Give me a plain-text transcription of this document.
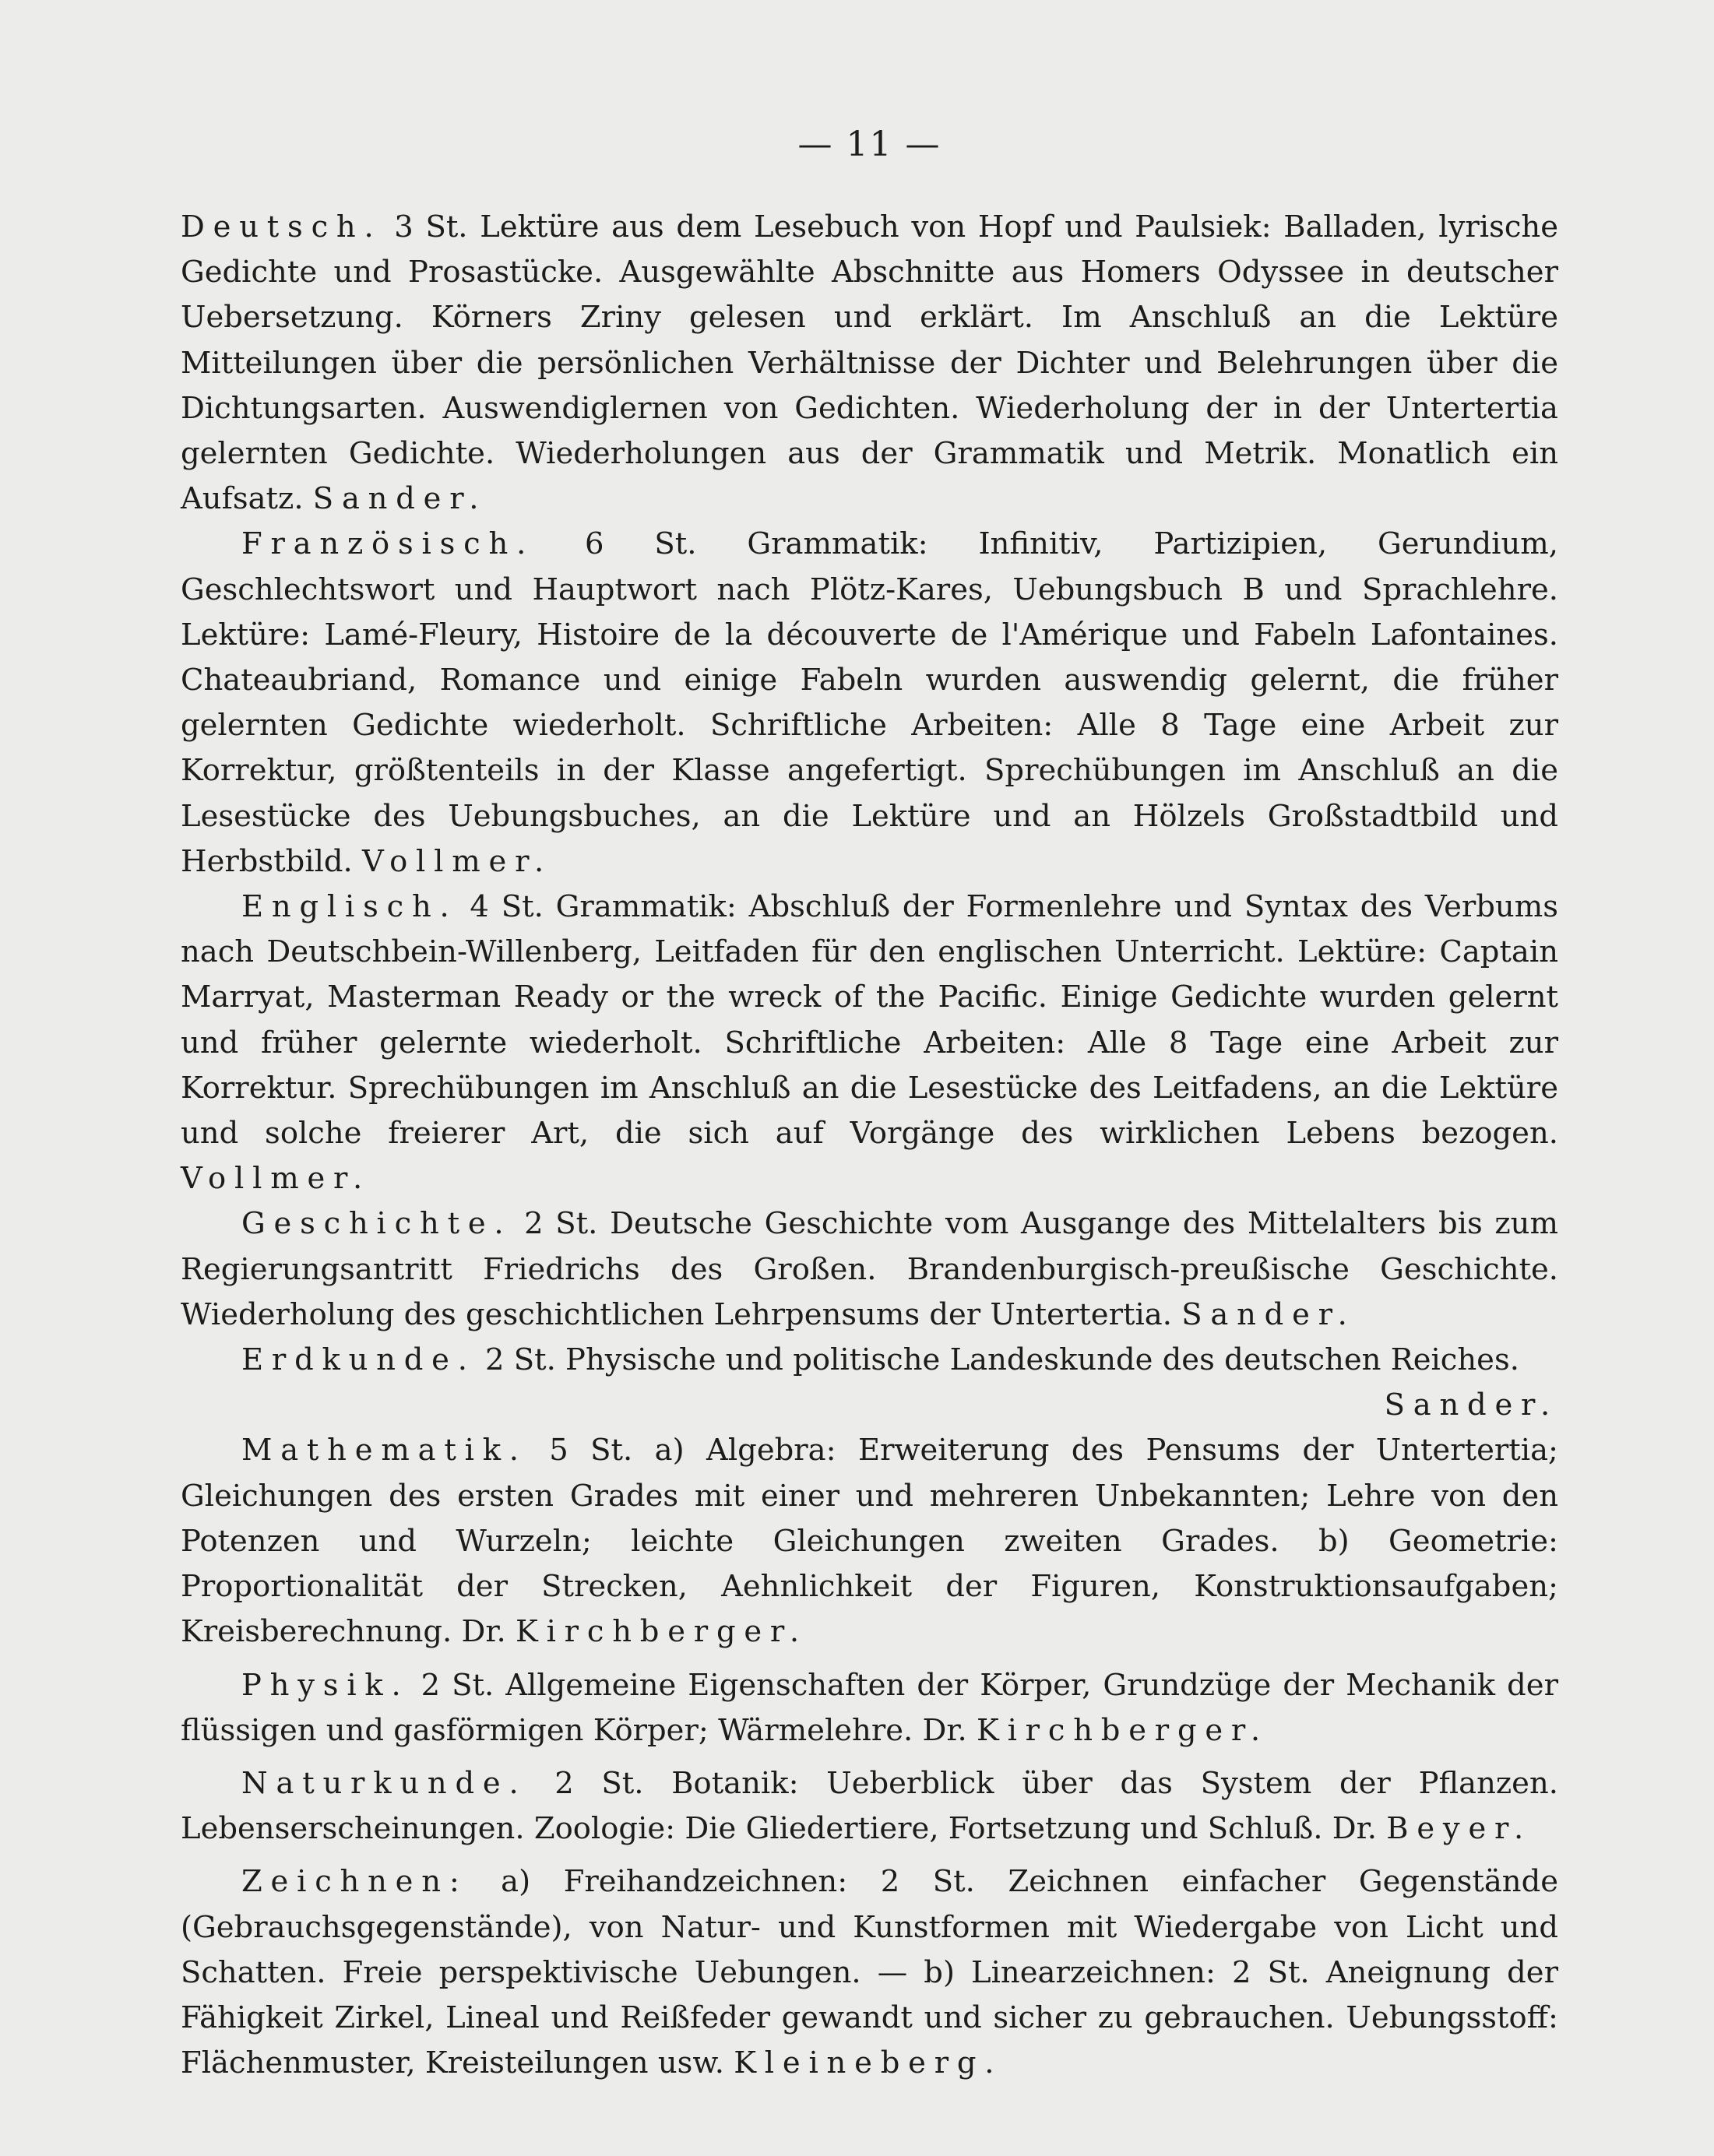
— 11 —

Deutsch. 3 St. Lektüre aus dem Lesebuch von Hopf und Paulsiek: Balladen, lyrische Gedichte und Prosastücke. Ausgewählte Abschnitte aus Homers Odyssee in deutscher Uebersetzung. Körners Zriny gelesen und erklärt. Im Anschluß an die Lektüre Mitteilungen über die persönlichen Verhältnisse der Dichter und Belehrungen über die Dichtungsarten. Auswendiglernen von Gedichten. Wiederholung der in der Untertertia gelernten Gedichte. Wiederholungen aus der Grammatik und Metrik. Monatlich ein Aufsatz. Sander.

Französisch. 6 St. Grammatik: Infinitiv, Partizipien, Gerundium, Geschlechtswort und Hauptwort nach Plötz-Kares, Uebungsbuch B und Sprachlehre. Lektüre: Lamé-Fleury, Histoire de la découverte de l'Amérique und Fabeln Lafontaines. Chateaubriand, Romance und einige Fabeln wurden auswendig gelernt, die früher gelernten Gedichte wiederholt. Schriftliche Arbeiten: Alle 8 Tage eine Arbeit zur Korrektur, größtenteils in der Klasse angefertigt. Sprechübungen im Anschluß an die Lesestücke des Uebungsbuches, an die Lektüre und an Hölzels Großstadtbild und Herbstbild. Vollmer.

Englisch. 4 St. Grammatik: Abschluß der Formenlehre und Syntax des Verbums nach Deutschbein-Willenberg, Leitfaden für den englischen Unterricht. Lektüre: Captain Marryat, Masterman Ready or the wreck of the Pacific. Einige Gedichte wurden gelernt und früher gelernte wiederholt. Schriftliche Arbeiten: Alle 8 Tage eine Arbeit zur Korrektur. Sprechübungen im Anschluß an die Lesestücke des Leitfadens, an die Lektüre und solche freierer Art, die sich auf Vorgänge des wirklichen Lebens bezogen. Vollmer.

Geschichte. 2 St. Deutsche Geschichte vom Ausgange des Mittelalters bis zum Regierungsantritt Friedrichs des Großen. Brandenburgisch-preußische Geschichte. Wiederholung des geschichtlichen Lehrpensums der Untertertia. Sander.

Erdkunde. 2 St. Physische und politische Landeskunde des deutschen Reiches.

Sander.

Mathematik. 5 St. a) Algebra: Erweiterung des Pensums der Untertertia; Gleichungen des ersten Grades mit einer und mehreren Unbekannten; Lehre von den Potenzen und Wurzeln; leichte Gleichungen zweiten Grades. b) Geometrie: Proportionalität der Strecken, Aehnlichkeit der Figuren, Konstruktionsaufgaben; Kreisberechnung. Dr. Kirchberger.

Physik. 2 St. Allgemeine Eigenschaften der Körper, Grundzüge der Mechanik der flüssigen und gasförmigen Körper; Wärmelehre. Dr. Kirchberger.

Naturkunde. 2 St. Botanik: Ueberblick über das System der Pflanzen. Lebenserscheinungen. Zoologie: Die Gliedertiere, Fortsetzung und Schluß. Dr. Beyer.

Zeichnen: a) Freihandzeichnen: 2 St. Zeichnen einfacher Gegenstände (Gebrauchsgegenstände), von Natur- und Kunstformen mit Wiedergabe von Licht und Schatten. Freie perspektivische Uebungen. — b) Linearzeichnen: 2 St. Aneignung der Fähigkeit Zirkel, Lineal und Reißfeder gewandt und sicher zu gebrauchen. Uebungsstoff: Flächenmuster, Kreisteilungen usw. Kleineberg.
